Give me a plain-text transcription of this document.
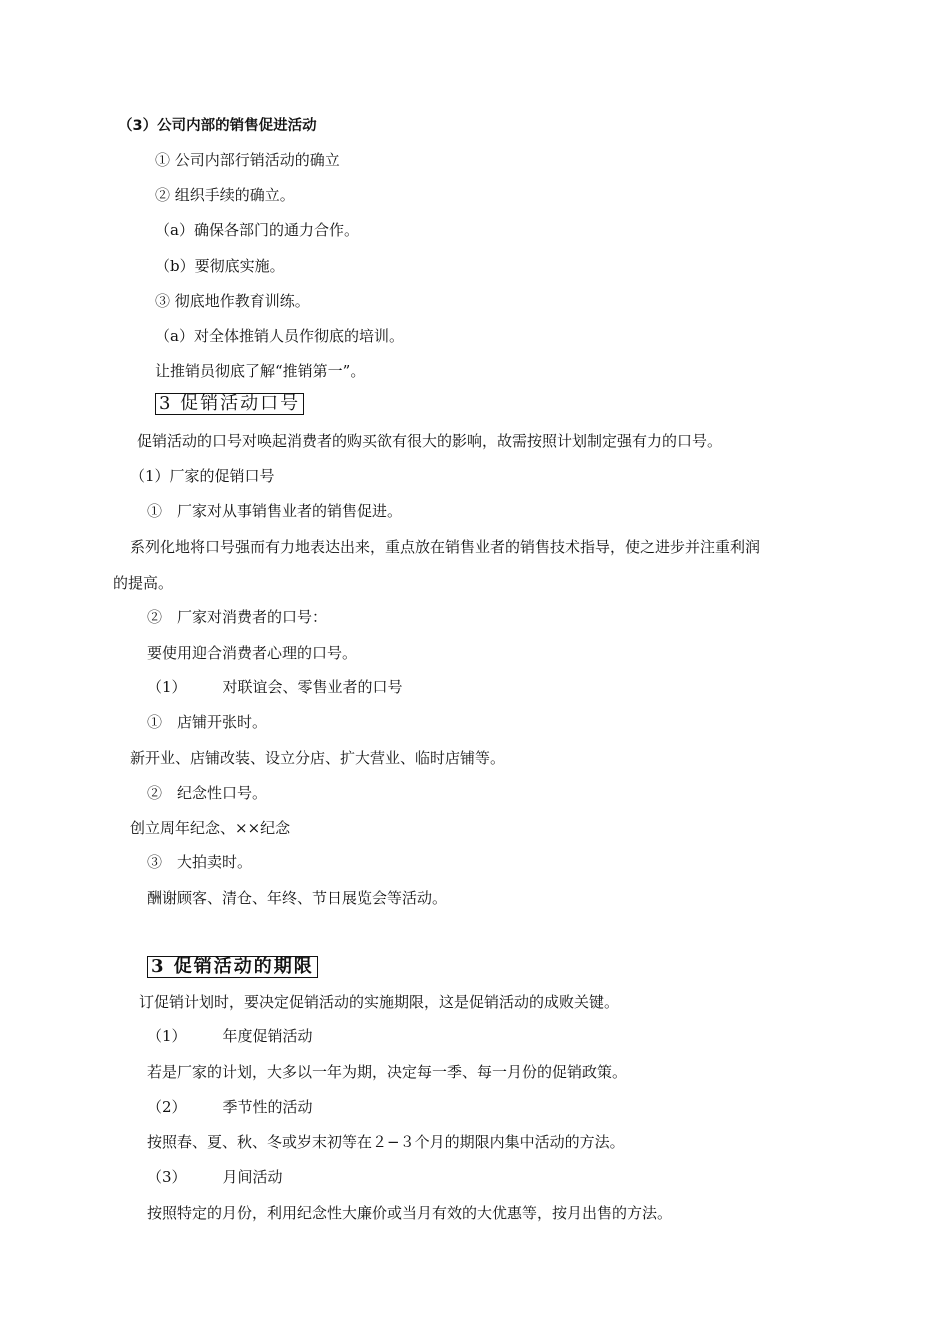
（3）公司内部的销售促进活动
① 公司内部行销活动的确立
② 组织手续的确立。
（a）确保各部门的通力合作。
（b）要彻底实施。
③ 彻底地作教育训练。
（a）对全体推销人员作彻底的培训。
让推销员彻底了解“推销第一”。
3 促销活动口号
促销活动的口号对唤起消费者的购买欲有很大的影响，故需按照计划制定强有力的口号。
（1）厂家的促销口号
①　厂家对从事销售业者的销售促进。
系列化地将口号强而有力地表达出来，重点放在销售业者的销售技术指导，使之进步并注重利润
的提高。
②　厂家对消费者的口号：
要使用迎合消费者心理的口号。
（1） 对联谊会、零售业者的口号
①　店铺开张时。
新开业、店铺改装、设立分店、扩大营业、临时店铺等。
②　纪念性口号。
创立周年纪念、××纪念
③　大拍卖时。
酬谢顾客、清仓、年终、节日展览会等活动。
3 促销活动的期限
订促销计划时，要决定促销活动的实施期限，这是促销活动的成败关键。
（1） 年度促销活动
若是厂家的计划，大多以一年为期，决定每一季、每一月份的促销政策。
（2） 季节性的活动
按照春、夏、秋、冬或岁末初等在２−３个月的期限内集中活动的方法。
（3） 月间活动
按照特定的月份，利用纪念性大廉价或当月有效的大优惠等，按月出售的方法。
